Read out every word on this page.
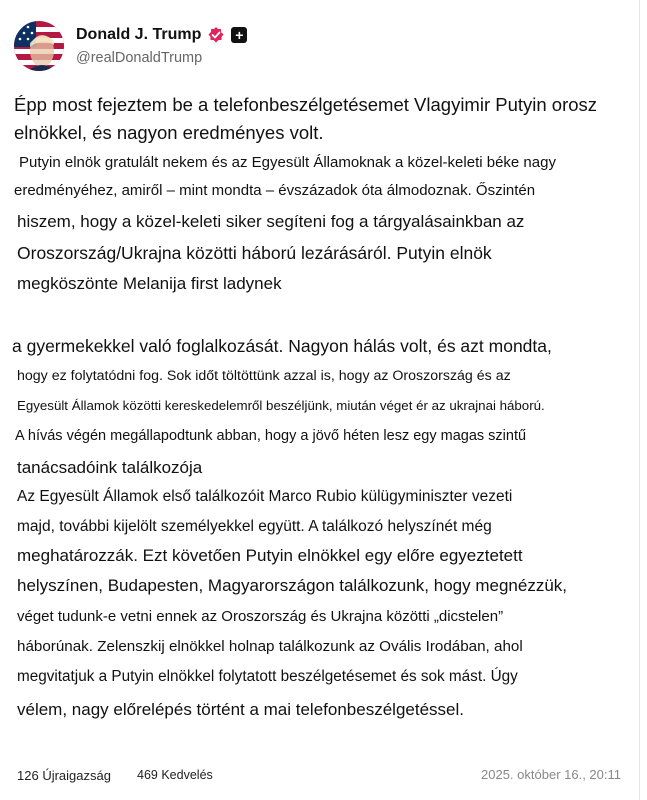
Donald J. Trump +
@realDonaldTrump
Épp most fejeztem be a telefonbeszélgetésemet Vlagyimir Putyin orosz
elnökkel, és nagyon eredményes volt.
Putyin elnök gratulált nekem és az Egyesült Államoknak a közel-keleti béke nagy
eredményéhez, amiről – mint mondta – évszázadok óta álmodoznak. Őszintén
hiszem, hogy a közel-keleti siker segíteni fog a tárgyalásainkban az
Oroszország/Ukrajna közötti háború lezárásáról. Putyin elnök
megköszönte Melanija first ladynek
a gyermekekkel való foglalkozását. Nagyon hálás volt, és azt mondta,
hogy ez folytatódni fog. Sok időt töltöttünk azzal is, hogy az Oroszország és az
Egyesült Államok közötti kereskedelemről beszéljünk, miután véget ér az ukrajnai háború.
A hívás végén megállapodtunk abban, hogy a jövő héten lesz egy magas szintű
tanácsadóink találkozója
Az Egyesült Államok első találkozóit Marco Rubio külügyminiszter vezeti
majd, további kijelölt személyekkel együtt. A találkozó helyszínét még
meghatározzák. Ezt követően Putyin elnökkel egy előre egyeztetett
helyszínen, Budapesten, Magyarországon találkozunk, hogy megnézzük,
véget tudunk-e vetni ennek az Oroszország és Ukrajna közötti „dicstelen”
háborúnak. Zelenszkij elnökkel holnap találkozunk az Ovális Irodában, ahol
megvitatjuk a Putyin elnökkel folytatott beszélgetésemet és sok mást. Úgy
vélem, nagy előrelépés történt a mai telefonbeszélgetéssel.
126 Újraigazság 469 Kedvelés	2025. október 16., 20:11
